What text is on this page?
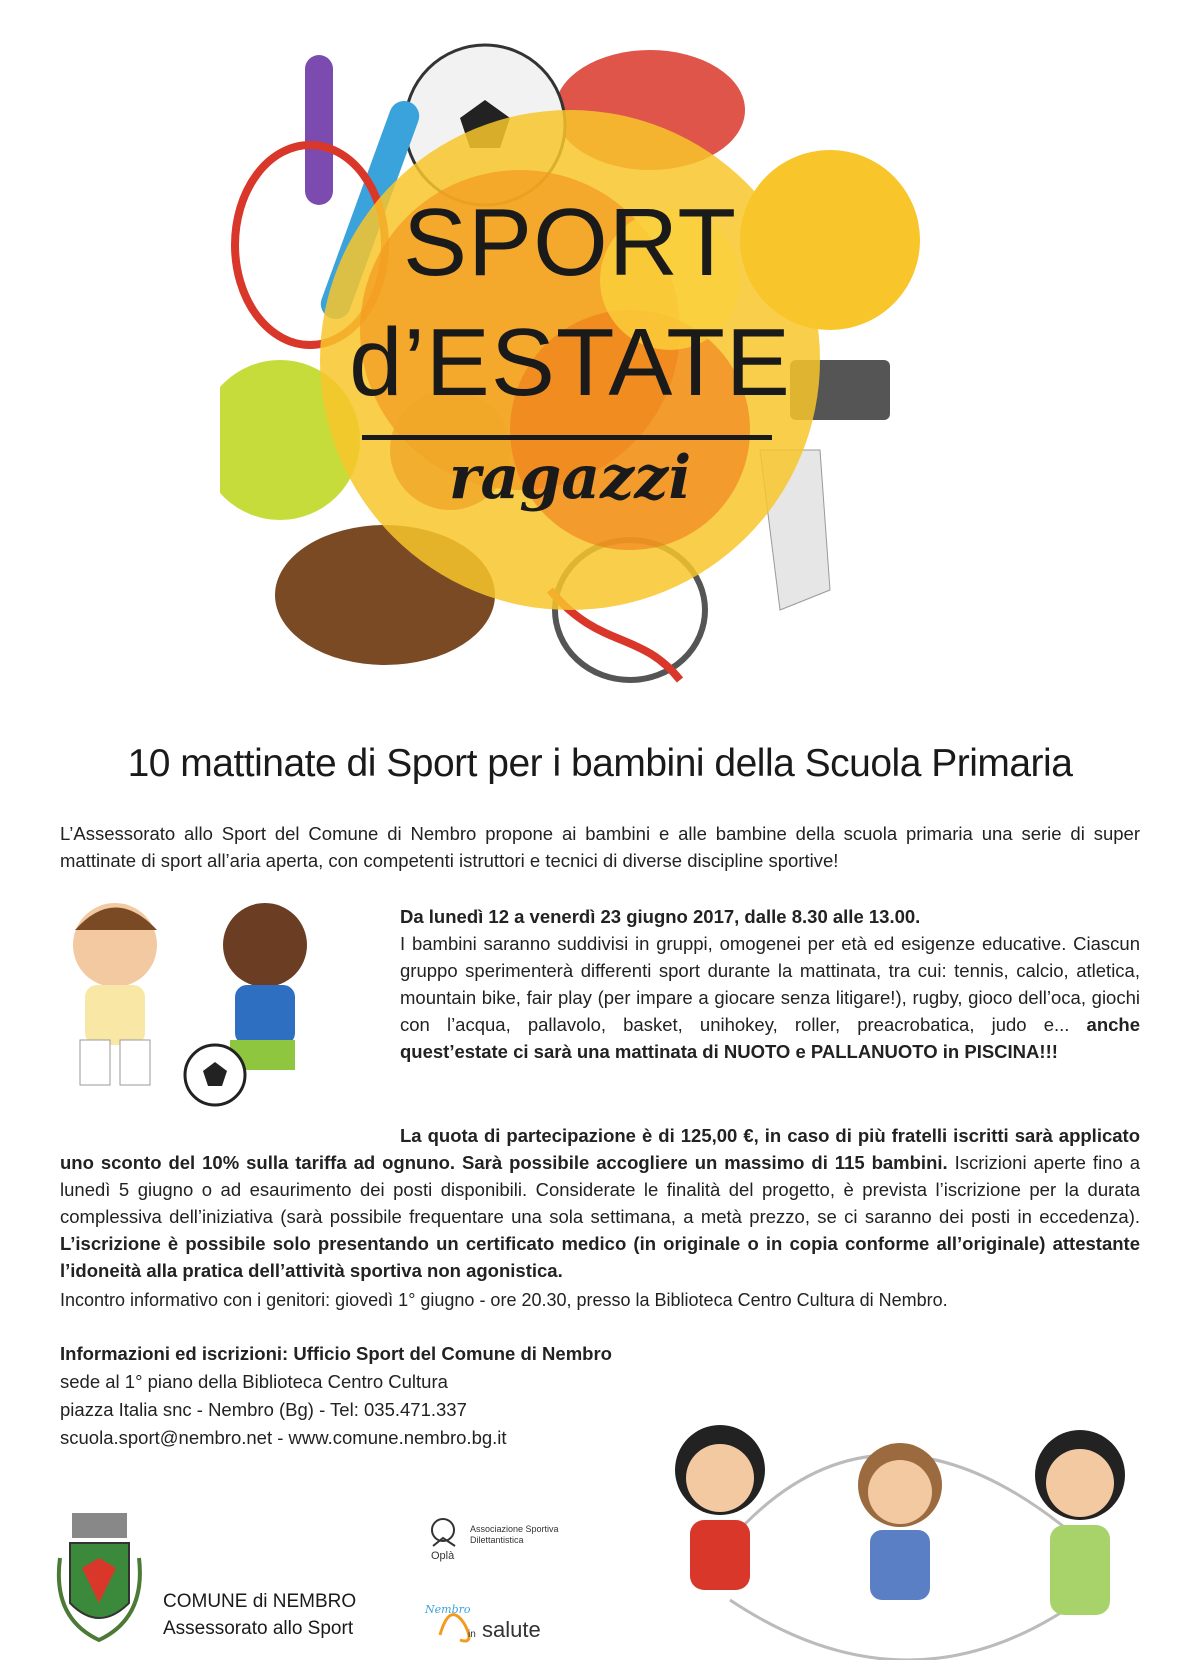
SPORT
d’ESTATE
ragazzi
10 mattinate di Sport per i bambini della Scuola Primaria
L’Assessorato allo Sport del Comune di Nembro propone ai bambini e alle bambine della scuola primaria una serie di super mattinate di sport all’aria aperta, con competenti istruttori e tecnici di diverse discipline sportive!
Da lunedì 12 a venerdì 23 giugno 2017, dalle 8.30 alle 13.00.
I bambini saranno suddivisi in gruppi, omogenei per età ed esigenze educative. Ciascun gruppo sperimenterà differenti sport durante la mattinata, tra cui: tennis, calcio, atletica, mountain bike, fair play (per impare a giocare senza litigare!), rugby, gioco dell’oca, giochi con l’acqua, pallavolo, basket, unihokey, roller, preacrobatica, judo e... anche quest’estate ci sarà una mattinata di NUOTO e PALLANUOTO in PISCINA!!!
La quota di partecipazione è di 125,00 €, in caso di più fratelli iscritti sarà applicato uno sconto del 10% sulla tariffa ad ognuno. Sarà possibile accogliere un massimo di 115 bambini. Iscrizioni aperte fino a lunedì 5 giugno o ad esaurimento dei posti disponibili. Considerate le finalità del progetto, è prevista l’iscrizione per la durata complessiva dell’iniziativa (sarà possibile frequentare una sola settimana, a metà prezzo, se ci saranno dei posti in eccedenza). L’iscrizione è possibile solo presentando un certificato medico (in originale o in copia conforme all’originale) attestante l’idoneità alla pratica dell’attività sportiva non agonistica.
Incontro informativo con i genitori: giovedì 1° giugno - ore 20.30, presso la Biblioteca Centro Cultura di Nembro.
Informazioni ed iscrizioni: Ufficio Sport del Comune di Nembro
sede al 1° piano della Biblioteca Centro Cultura
piazza Italia snc - Nembro (Bg) - Tel: 035.471.337
scuola.sport@nembro.net - www.comune.nembro.bg.it
COMUNE di NEMBRO
Assessorato allo Sport
Associazione Sportiva
Dilettantistica
Oplà
Nembro
in salute
